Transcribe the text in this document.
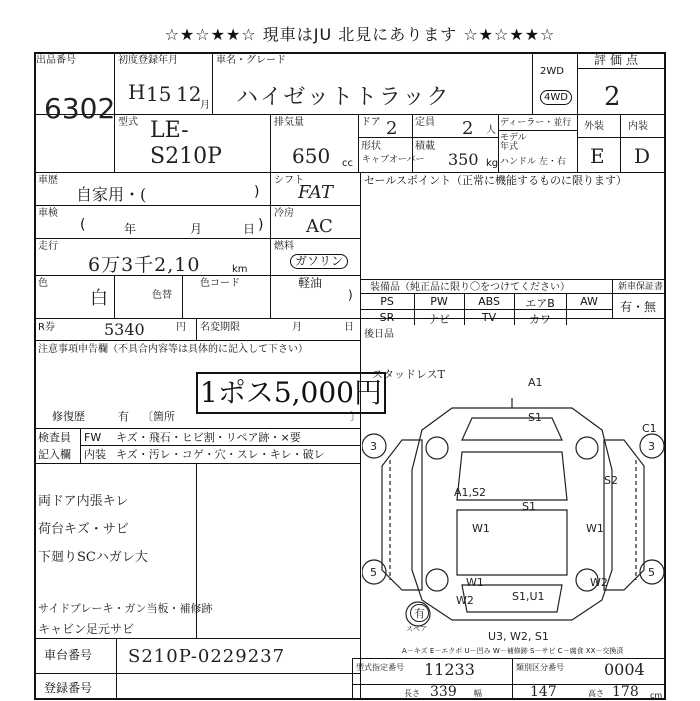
☆★☆★★☆ 現車はJU 北見にあります ☆★☆★★☆
出品番号
6302
初度登録年月
H 15 12
月
車名・グレード
ハイゼットトラック
2WD
4WD
評価点
2
型式 LE-
S210P
排気量
650 cc
ドア 2 定員 2 人
形状
キャブオーバー
積載
350 kg
ディーラー・並行
モデル 年式
ハンドル 左・右
外装 内装
E D
車歴
自家用・(	)
シフト
FAT
車検
(	年	月	日 )
冷房
AC
走行
6万3千2,10	km
燃料
ガソリン
軽油
)
色
白	色替
色コード
セールスポイント（正常に機能するものに限ります）
装備品（純正品に限り〇をつけてください）	新車保証書
有・無
PS	PW	ABS	エアB	AW
SR	ナビ	TV	カワ
R券	5340	円 名変期限	月	日
後日品
注意事項申告欄（不具合内容等は具体的に記入して下さい）
1ポス5,000円
修復歴	有 〔箇所	〕
検査員
記入欄
FW キズ・飛石・ヒビ割・リペア跡・×要
内装 キズ・汚レ・コゲ・穴・スレ・キレ・破レ
両ドア内張キレ
荷台キズ・サビ
下廻りSCハガレ大
サイドブレーキ・ガン当板・補修跡
キャビン足元サビ
スタッドレスT
A1
S1
C1
3	3
S2
A1,S2
S1
W1	W1
5	5
W1
W2	S1,U1
W2
有
スペア
U3, W2, S1
A－キズ E－エクボ U－凹み W－補修跡 S－サビ C－腐食 XX－交換済
車台番号 S210P-0229237
登録番号
型式指定番号 11233	類別区分番号	0004
長さ 339 幅	147	高さ 178 cm
